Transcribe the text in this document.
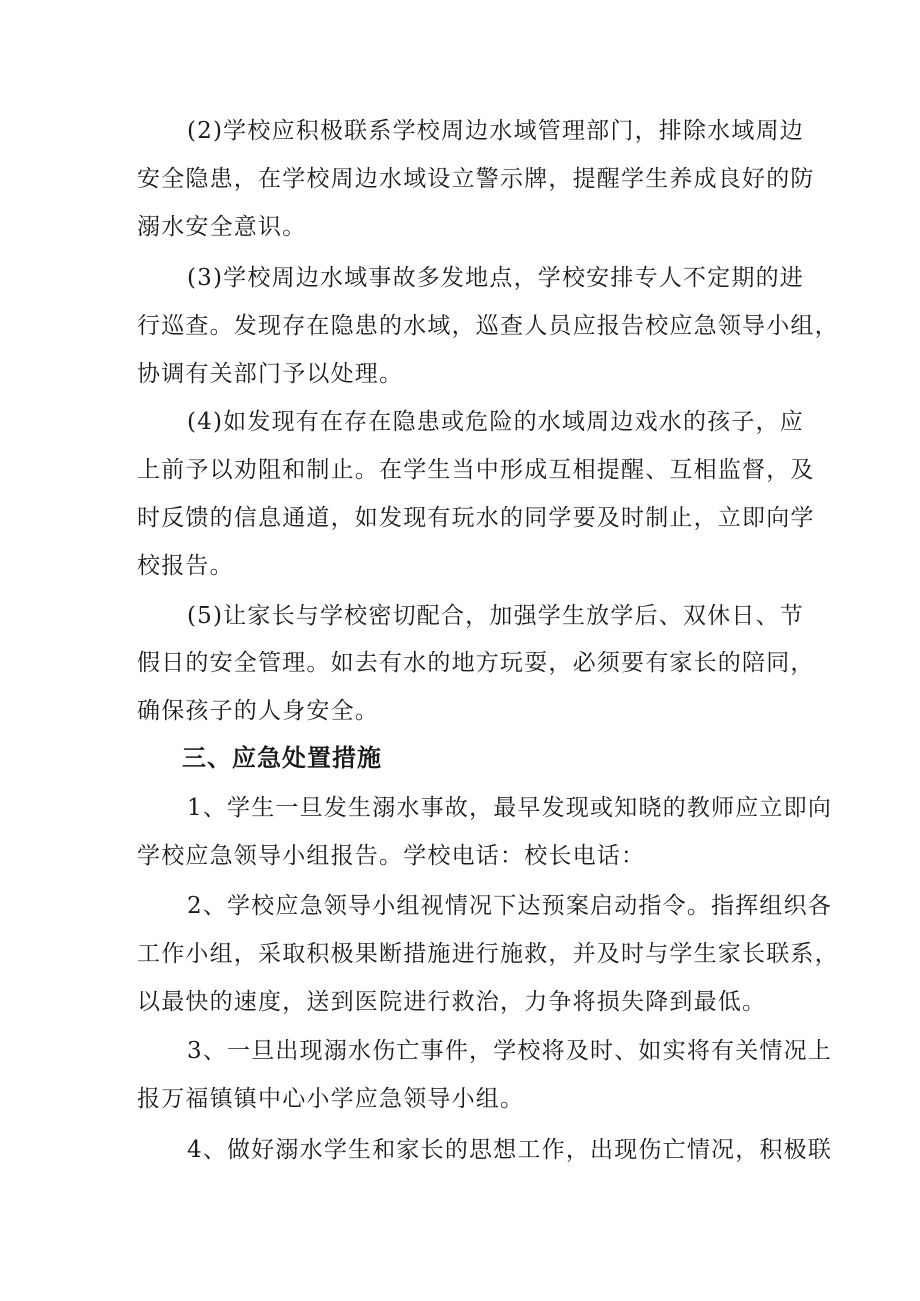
(2)学校应积极联系学校周边水域管理部门，排除水域周边
安全隐患，在学校周边水域设立警示牌，提醒学生养成良好的防
溺水安全意识。
(3)学校周边水域事故多发地点，学校安排专人不定期的进
行巡查。发现存在隐患的水域，巡查人员应报告校应急领导小组，
协调有关部门予以处理。
(4)如发现有在存在隐患或危险的水域周边戏水的孩子，应
上前予以劝阻和制止。在学生当中形成互相提醒、互相监督，及
时反馈的信息通道，如发现有玩水的同学要及时制止，立即向学
校报告。
(5)让家长与学校密切配合，加强学生放学后、双休日、节
假日的安全管理。如去有水的地方玩耍，必须要有家长的陪同，
确保孩子的人身安全。
三、应急处置措施
1、学生一旦发生溺水事故，最早发现或知晓的教师应立即向
学校应急领导小组报告。学校电话：校长电话：
2、学校应急领导小组视情况下达预案启动指令。指挥组织各
工作小组，采取积极果断措施进行施救，并及时与学生家长联系，
以最快的速度，送到医院进行救治，力争将损失降到最低。
3、一旦出现溺水伤亡事件，学校将及时、如实将有关情况上
报万福镇镇中心小学应急领导小组。
4、做好溺水学生和家长的思想工作，出现伤亡情况，积极联
